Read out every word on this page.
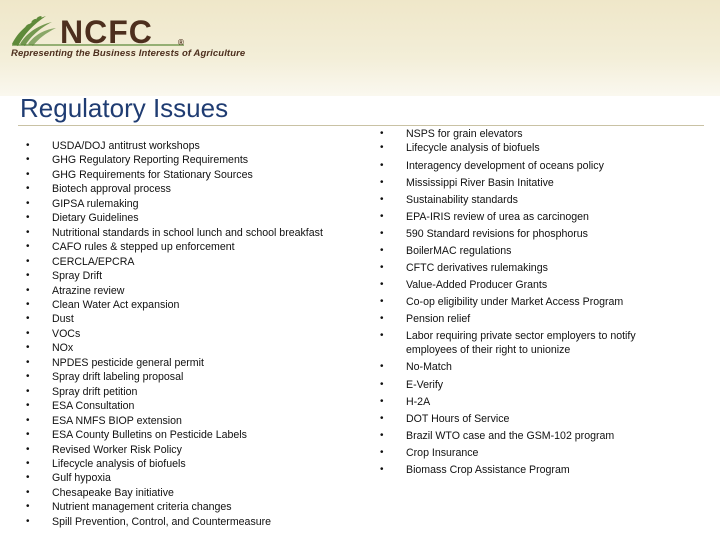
NCFC	®
Representing the Business Interests of Agriculture
Regulatory Issues
• USDA/DOJ antitrust workshops
• GHG Regulatory Reporting Requirements
• GHG Requirements for Stationary Sources
• Biotech approval process
• GIPSA rulemaking
• Dietary Guidelines
• Nutritional standards in school lunch and school breakfast
• CAFO rules & stepped up enforcement
• CERCLA/EPCRA
• Spray Drift
• Atrazine review
• Clean Water Act expansion
• Dust
• VOCs
• NOx
• NPDES pesticide general permit
• Spray drift labeling proposal
• Spray drift petition
• ESA Consultation
• ESA NMFS BIOP extension
• ESA County Bulletins on Pesticide Labels
• Revised Worker Risk Policy
• Lifecycle analysis of biofuels
• Gulf hypoxia
• Chesapeake Bay initiative
• Nutrient management criteria changes
• Spill Prevention, Control, and Countermeasure
• NSPS for grain elevators
• Lifecycle analysis of biofuels
• Interagency development of oceans policy
• Mississippi River Basin Initative
• Sustainability standards
• EPA-IRIS review of urea as carcinogen
• 590 Standard revisions for phosphorus
• BoilerMAC regulations
• CFTC derivatives rulemakings
• Value-Added Producer Grants
• Co-op eligibility under Market Access Program
• Pension relief
• Labor requiring private sector employers to notify employees of their right to unionize
• No-Match
• E-Verify
• H-2A
• DOT Hours of Service
• Brazil WTO case and the GSM-102 program
• Crop Insurance
• Biomass Crop Assistance Program
